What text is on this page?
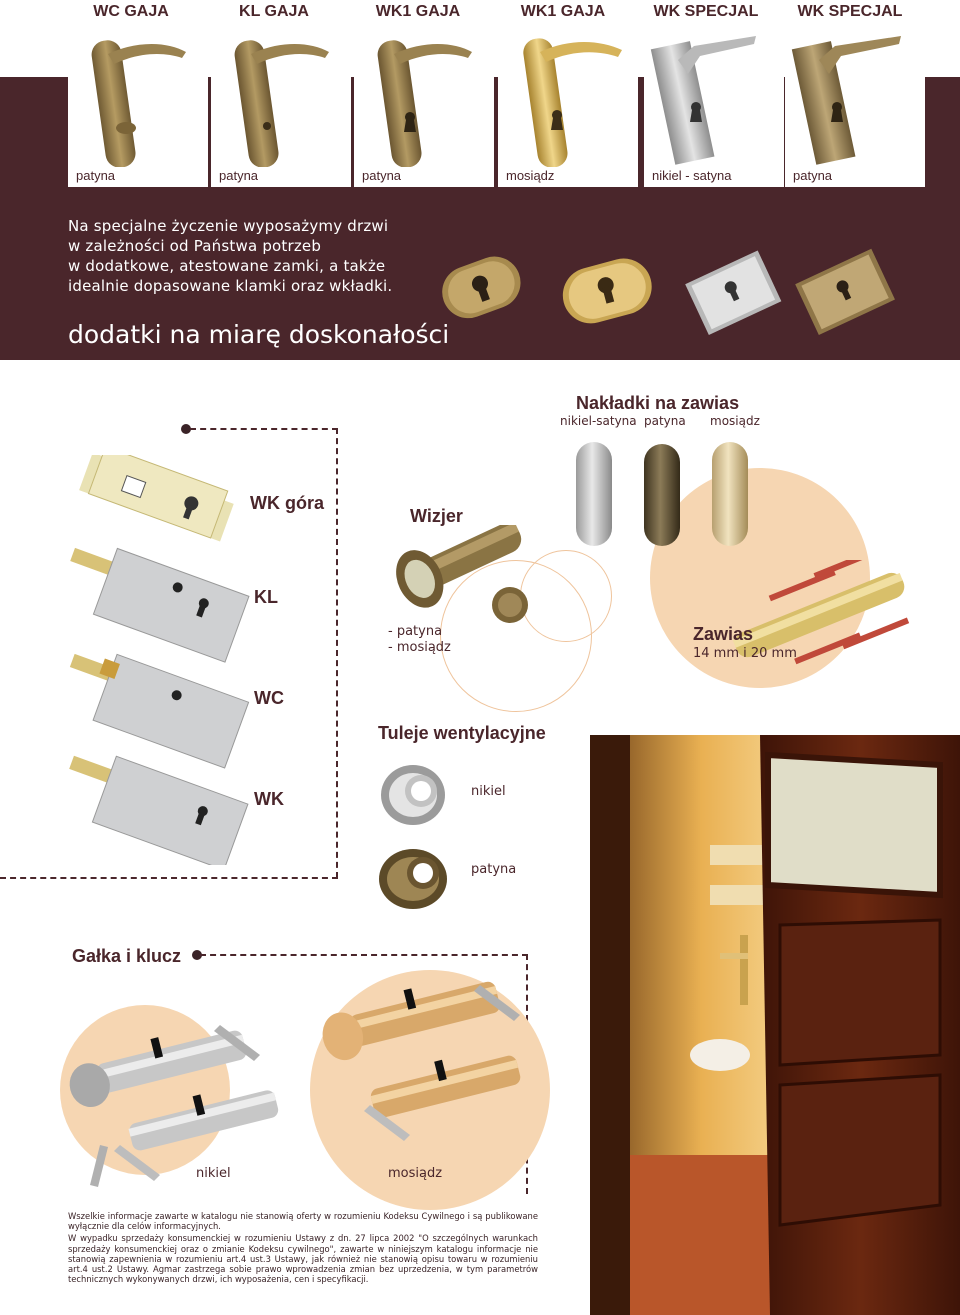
WC GAJA	KL GAJA	WK1 GAJA	WK1 GAJA	WK SPECJAL	WK SPECJAL
patyna	patyna	patyna	mosiądz	nikiel - satyna	patyna
Na specjalne życzenie wyposażymy drzwi
w zależności od Państwa potrzeb
w dodatkowe, atestowane zamki, a także
idealnie dopasowane klamki oraz wkładki.
dodatki na miarę doskonałości
Nakładki na zawias
nikiel-satyna patyna mosiądz
WK góra
KL
WC
WK
Wizjer
- patyna
- mosiądz
Zawias
14 mm i 20 mm
Tuleje wentylacyjne
nikiel
patyna
Gałka i klucz
nikiel	mosiądz

Wszelkie informacje zawarte w katalogu nie stanowią oferty w rozumieniu Kodeksu Cywilnego i są publikowane wyłącznie dla celów informacyjnych.

W wypadku sprzedaży konsumenckiej w rozumieniu Ustawy z dn. 27 lipca 2002 "O szczególnych warunkach sprzedaży konsumenckiej oraz o zmianie Kodeksu cywilnego", zawarte w niniejszym katalogu informacje nie stanowią zapewnienia w rozumieniu art.4 ust.3 Ustawy, jak również nie stanowią opisu towaru w rozumieniu art.4 ust.2 Ustawy. Agmar zastrzega sobie prawo wprowadzenia zmian bez uprzedzenia, w tym parametrów technicznych wykonywanych drzwi, ich wyposażenia, cen i specyfikacji.
